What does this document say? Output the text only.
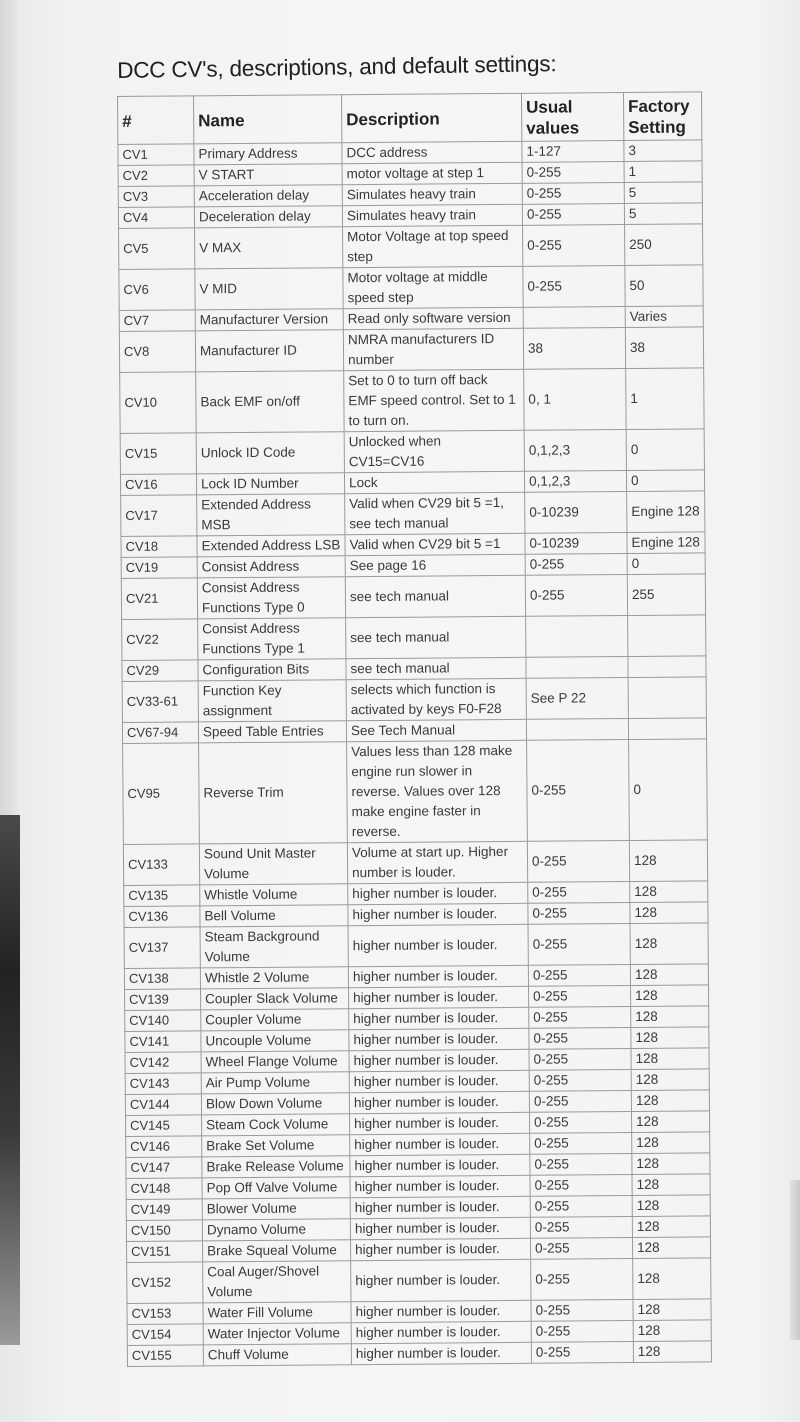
DCC CV's, descriptions, and default settings:
#	Name	Description	Usual values	Factory Setting
CV1	Primary Address	DCC address	1-127	3
CV2	V START	motor voltage at step 1	0-255	1
CV3	Acceleration delay	Simulates heavy train	0-255	5
CV4	Deceleration delay	Simulates heavy train	0-255	5
CV5	V MAX	Motor Voltage at top speed step	0-255	250
CV6	V MID	Motor voltage at middle speed step	0-255	50
CV7	Manufacturer Version	Read only software version		Varies
CV8	Manufacturer ID	NMRA manufacturers ID number	38	38
CV10	Back EMF on/off	Set to 0 to turn off back EMF speed control. Set to 1 to turn on.	0, 1	1
CV15	Unlock ID Code	Unlocked when CV15=CV16	0,1,2,3	0
CV16	Lock ID Number	Lock	0,1,2,3	0
CV17	Extended Address MSB	Valid when CV29 bit 5 =1, see tech manual	0-10239	Engine 128
CV18	Extended Address LSB	Valid when CV29 bit 5 =1	0-10239	Engine 128
CV19	Consist Address	See page 16	0-255	0
CV21	Consist Address Functions Type 0	see tech manual	0-255	255
CV22	Consist Address Functions Type 1	see tech manual		
CV29	Configuration Bits	see tech manual		
CV33-61	Function Key assignment	selects which function is activated by keys F0-F28	See P 22	
CV67-94	Speed Table Entries	See Tech Manual		
CV95	Reverse Trim	Values less than 128 make engine run slower in reverse. Values over 128 make engine faster in reverse.	0-255	0
CV133	Sound Unit Master Volume	Volume at start up. Higher number is louder.	0-255	128
CV135	Whistle Volume	higher number is louder.	0-255	128
CV136	Bell Volume	higher number is louder.	0-255	128
CV137	Steam Background Volume	higher number is louder.	0-255	128
CV138	Whistle 2 Volume	higher number is louder.	0-255	128
CV139	Coupler Slack Volume	higher number is louder.	0-255	128
CV140	Coupler Volume	higher number is louder.	0-255	128
CV141	Uncouple Volume	higher number is louder.	0-255	128
CV142	Wheel Flange Volume	higher number is louder.	0-255	128
CV143	Air Pump Volume	higher number is louder.	0-255	128
CV144	Blow Down Volume	higher number is louder.	0-255	128
CV145	Steam Cock Volume	higher number is louder.	0-255	128
CV146	Brake Set Volume	higher number is louder.	0-255	128
CV147	Brake Release Volume	higher number is louder.	0-255	128
CV148	Pop Off Valve Volume	higher number is louder.	0-255	128
CV149	Blower Volume	higher number is louder.	0-255	128
CV150	Dynamo Volume	higher number is louder.	0-255	128
CV151	Brake Squeal Volume	higher number is louder.	0-255	128
CV152	Coal Auger/Shovel Volume	higher number is louder.	0-255	128
CV153	Water Fill Volume	higher number is louder.	0-255	128
CV154	Water Injector Volume	higher number is louder.	0-255	128
CV155	Chuff Volume	higher number is louder.	0-255	128
